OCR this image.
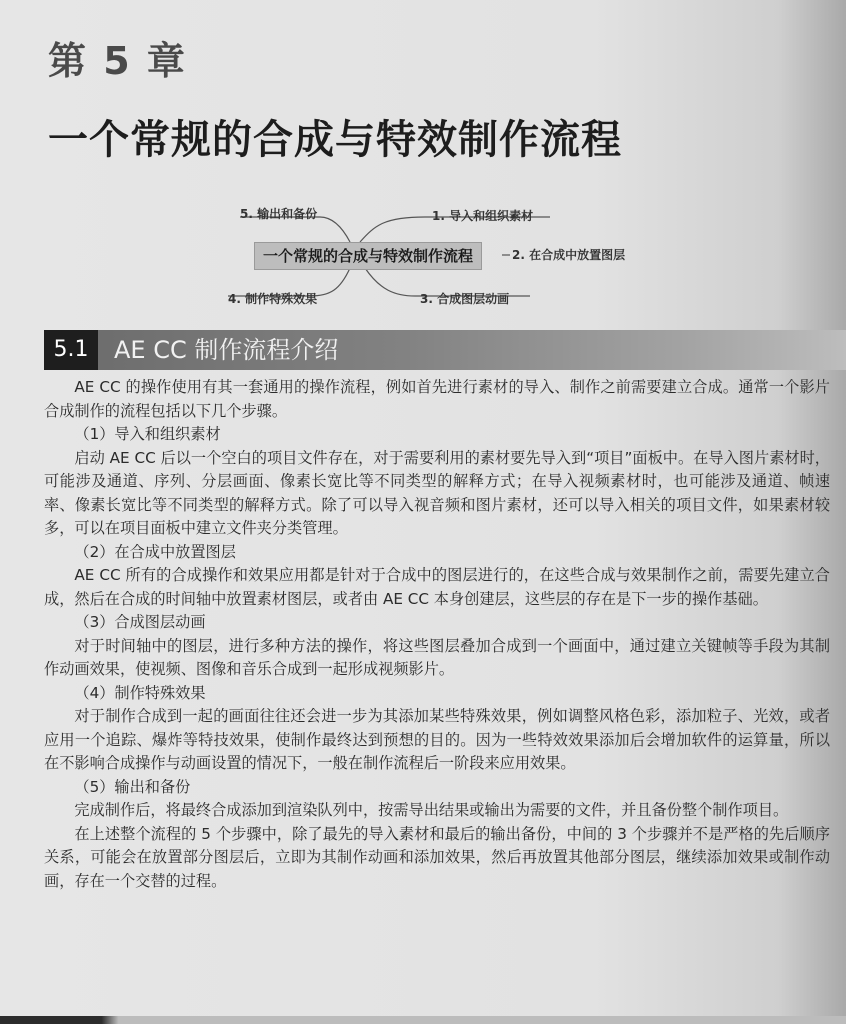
第 5 章
一个常规的合成与特效制作流程
5. 输出和备份	1. 导入和组织素材
一个常规的合成与特效制作流程	2. 在合成中放置图层
4. 制作特殊效果	3. 合成图层动画
5.1	AE CC 制作流程介绍

AE CC 的操作使用有其一套通用的操作流程，例如首先进行素材的导入、制作之前需要建立合成。通常一个影片合成制作的流程包括以下几个步骤。

（1）导入和组织素材

启动 AE CC 后以一个空白的项目文件存在，对于需要利用的素材要先导入到“项目”面板中。在导入图片素材时，可能涉及通道、序列、分层画面、像素长宽比等不同类型的解释方式；在导入视频素材时，也可能涉及通道、帧速率、像素长宽比等不同类型的解释方式。除了可以导入视音频和图片素材，还可以导入相关的项目文件，如果素材较多，可以在项目面板中建立文件夹分类管理。

（2）在合成中放置图层

AE CC 所有的合成操作和效果应用都是针对于合成中的图层进行的，在这些合成与效果制作之前，需要先建立合成，然后在合成的时间轴中放置素材图层，或者由 AE CC 本身创建层，这些层的存在是下一步的操作基础。

（3）合成图层动画

对于时间轴中的图层，进行多种方法的操作，将这些图层叠加合成到一个画面中，通过建立关键帧等手段为其制作动画效果，使视频、图像和音乐合成到一起形成视频影片。

（4）制作特殊效果

对于制作合成到一起的画面往往还会进一步为其添加某些特殊效果，例如调整风格色彩，添加粒子、光效，或者应用一个追踪、爆炸等特技效果，使制作最终达到预想的目的。因为一些特效效果添加后会增加软件的运算量，所以在不影响合成操作与动画设置的情况下，一般在制作流程后一阶段来应用效果。

（5）输出和备份

完成制作后，将最终合成添加到渲染队列中，按需导出结果或输出为需要的文件，并且备份整个制作项目。

在上述整个流程的 5 个步骤中，除了最先的导入素材和最后的输出备份，中间的 3 个步骤并不是严格的先后顺序关系，可能会在放置部分图层后，立即为其制作动画和添加效果，然后再放置其他部分图层，继续添加效果或制作动画，存在一个交替的过程。
